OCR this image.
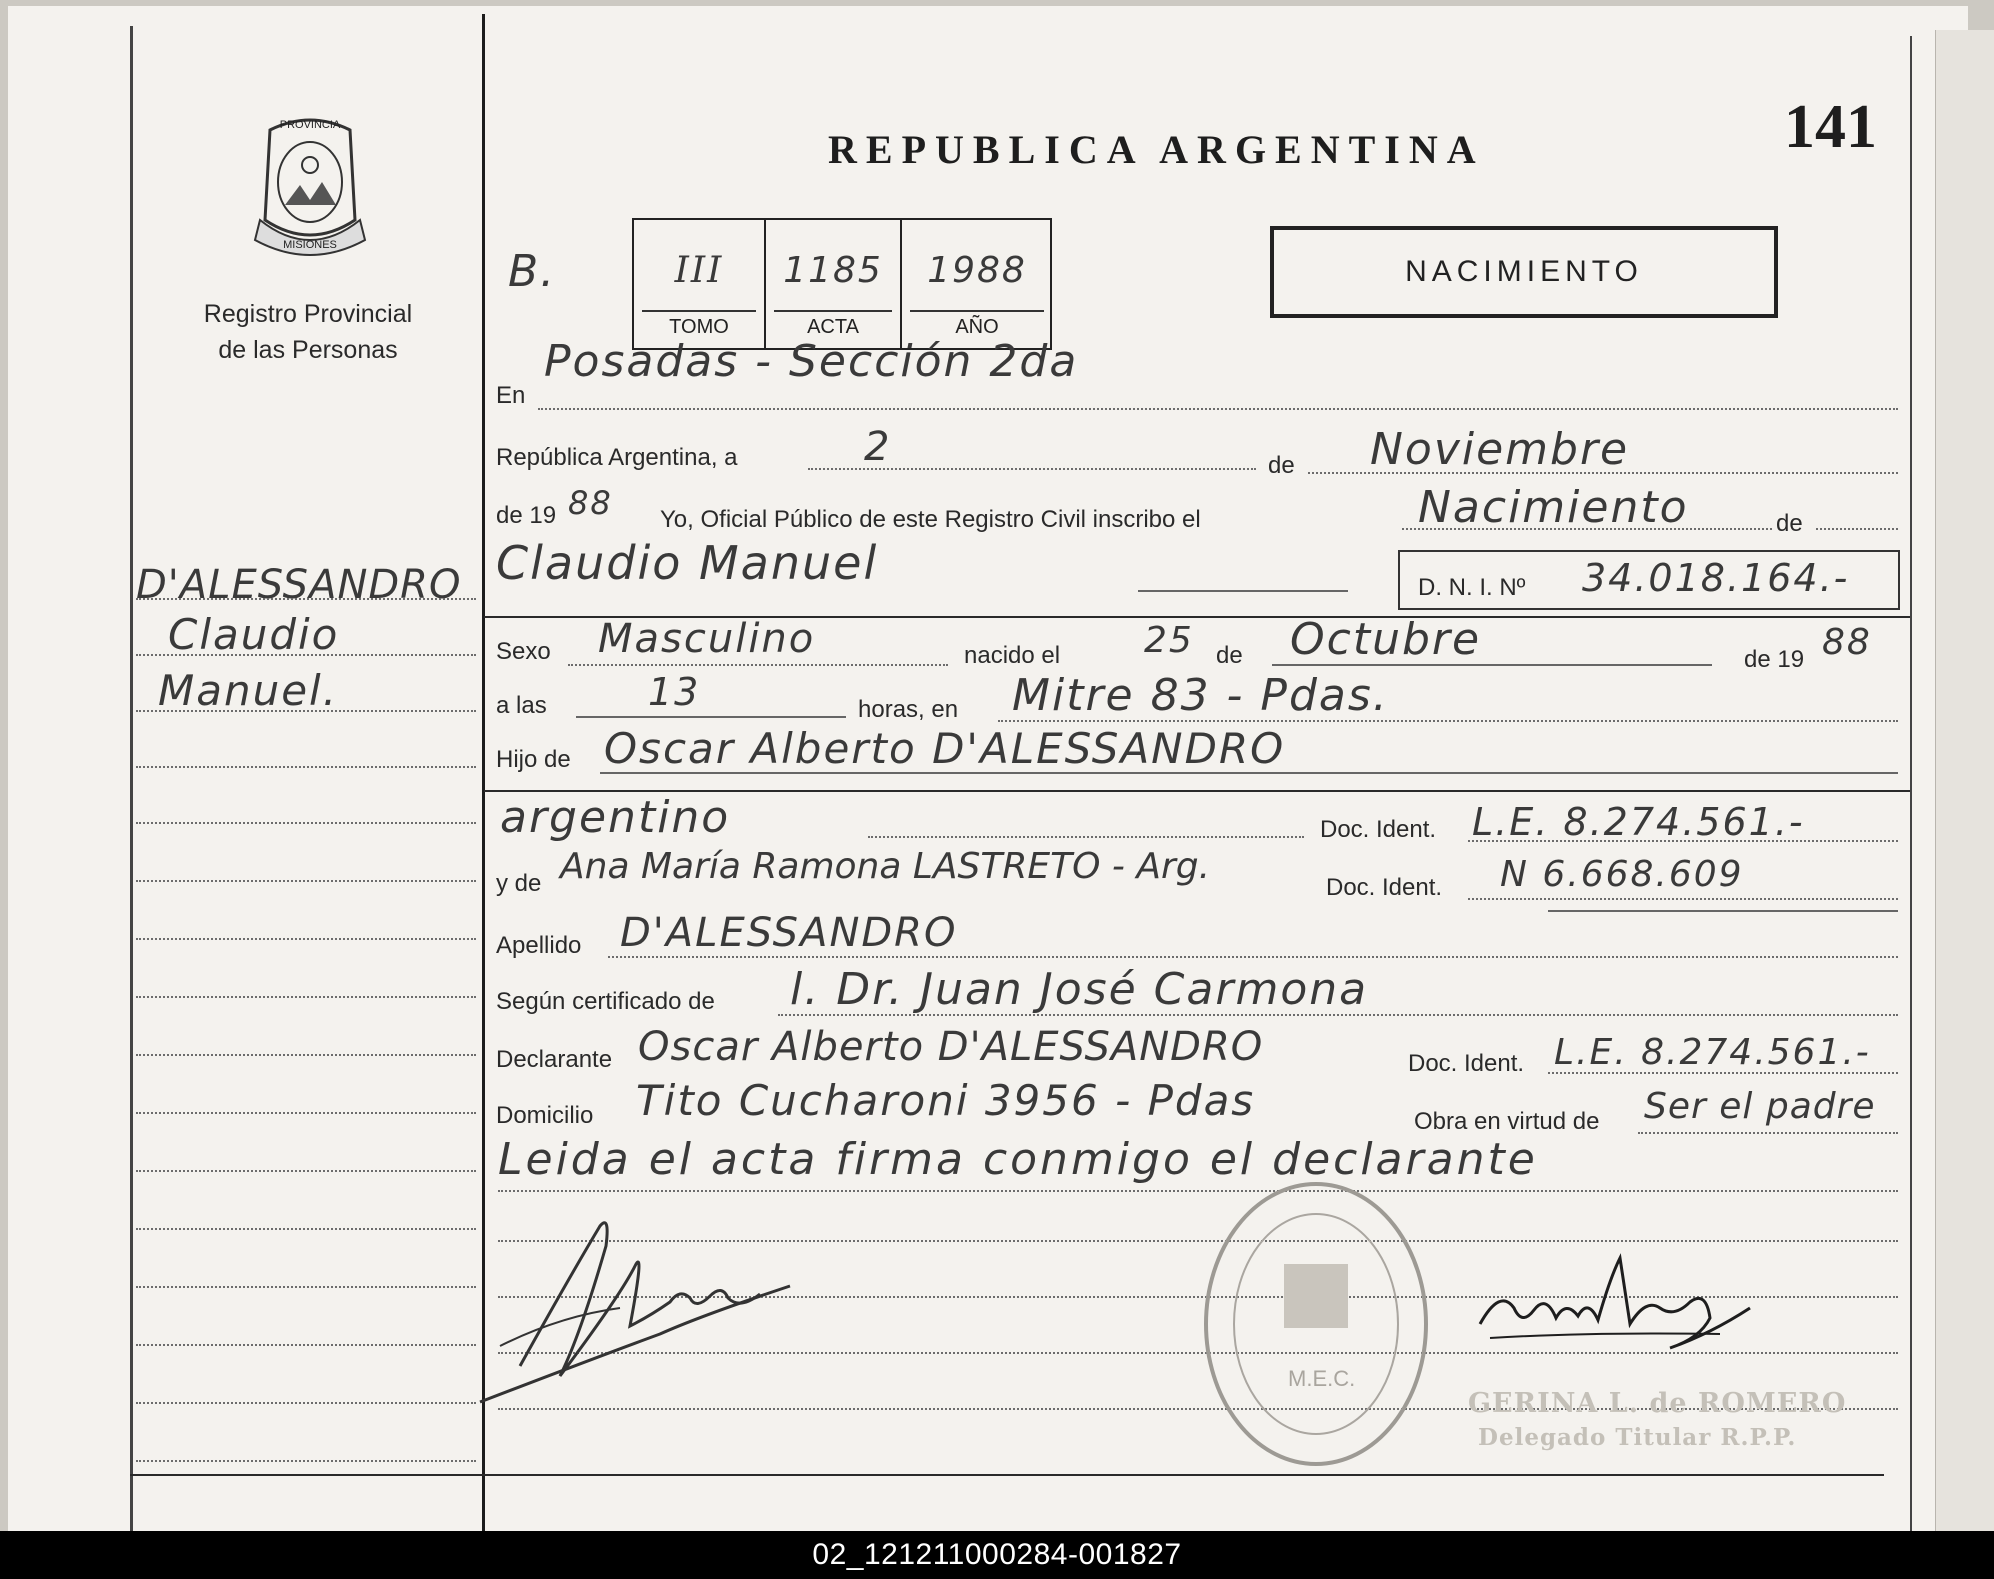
PROVINCIA
MISIONES
Registro Provincial
de las Personas
REPUBLICA ARGENTINA	141
B.	III
TOMO
1185
ACTA
1988
AÑO
NACIMIENTO
D'ALESSANDRO
Claudio
Manuel.
En
Posadas - Sección 2da
República Argentina, a	2	de Noviembre
de 19 88 Yo, Oficial Público de este Registro Civil inscribo el	Nacimiento	de
Claudio Manuel	D. N. I. Nº 34.018.164.-
Sexo Masculino	nacido el 25 de Octubre	de 19 88
a las	13	horas, en Mitre 83 - Pdas.
Hijo de Oscar Alberto D'ALESSANDRO
argentino	Doc. Ident. L.E. 8.274.561.-
y de Ana María Ramona LASTRETO - Arg.
Doc. Ident. N 6.668.609
Apellido D'ALESSANDRO
Según certificado de l. Dr. Juan José Carmona
Declarante Oscar Alberto D'ALESSANDRO	Doc. Ident. L.E. 8.274.561.-
Domicilio Tito Cucharoni 3956 - Pdas	Obra en virtud de Ser el padre
Leida el acta firma conmigo el declarante
M.E.C.
GERINA L. de ROMERO
Delegado Titular R.P.P.
02_121211000284-001827
